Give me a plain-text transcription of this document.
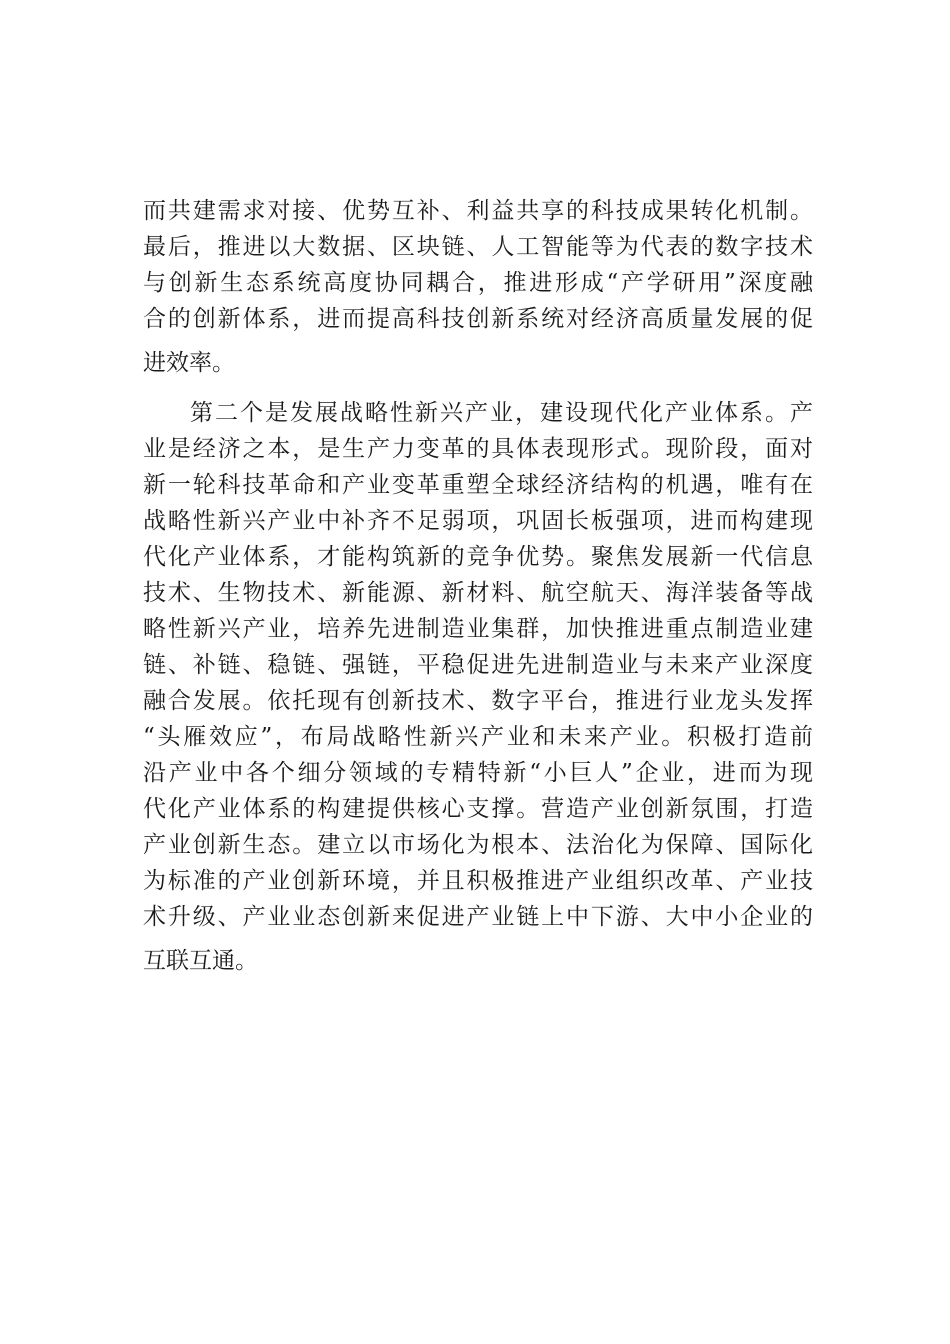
而共建需求对接、优势互补、利益共享的科技成果转化机制。
最后，推进以大数据、区块链、人工智能等为代表的数字技术
与创新生态系统高度协同耦合，推进形成“产学研用”深度融
合的创新体系，进而提高科技创新系统对经济高质量发展的促
进效率。
第二个是发展战略性新兴产业，建设现代化产业体系。产
业是经济之本，是生产力变革的具体表现形式。现阶段，面对
新一轮科技革命和产业变革重塑全球经济结构的机遇，唯有在
战略性新兴产业中补齐不足弱项，巩固长板强项，进而构建现
代化产业体系，才能构筑新的竞争优势。聚焦发展新一代信息
技术、生物技术、新能源、新材料、航空航天、海洋装备等战
略性新兴产业，培养先进制造业集群，加快推进重点制造业建
链、补链、稳链、强链，平稳促进先进制造业与未来产业深度
融合发展。依托现有创新技术、数字平台，推进行业龙头发挥
“头雁效应”，布局战略性新兴产业和未来产业。积极打造前
沿产业中各个细分领域的专精特新“小巨人”企业，进而为现
代化产业体系的构建提供核心支撑。营造产业创新氛围，打造
产业创新生态。建立以市场化为根本、法治化为保障、国际化
为标准的产业创新环境，并且积极推进产业组织改革、产业技
术升级、产业业态创新来促进产业链上中下游、大中小企业的
互联互通。
